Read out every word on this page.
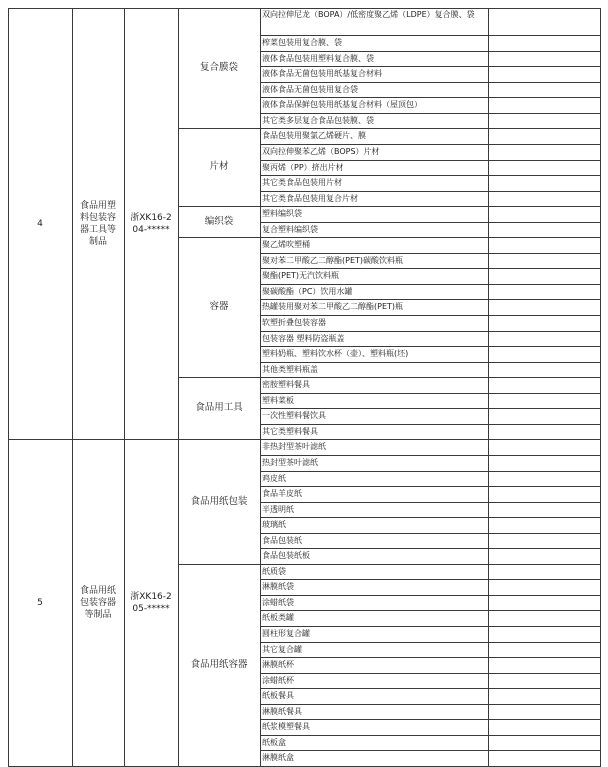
双向拉伸尼龙（BOPA）/低密度聚乙烯（LDPE）复合膜、袋
榨菜包装用复合膜、袋
液体食品包装用塑料复合膜、袋
液体食品无菌包装用纸基复合材料
液体食品无菌包装用复合袋
液体食品保鲜包装用纸基复合材料（屋顶包）
其它类多层复合食品包装膜、袋
复合膜袋
食品包装用聚氯乙烯硬片、膜
双向拉伸聚苯乙烯（BOPS）片材
聚丙烯（PP）挤出片材
其它类食品包装用片材
其它类食品包装用复合片材
片材
塑料编织袋
复合塑料编织袋
编织袋
聚乙烯吹塑桶
聚对苯二甲酸乙二醇酯(PET)碳酸饮料瓶
聚酯(PET)无汽饮料瓶
聚碳酸酯（PC）饮用水罐
热罐装用聚对苯二甲酸乙二醇酯(PET)瓶
软塑折叠包装容器
包装容器 塑料防盗瓶盖
塑料奶瓶、塑料饮水杯（壶）、塑料瓶(坯)
其他类塑料瓶盖
容器
密胺塑料餐具
塑料菜板
一次性塑料餐饮具
其它类塑料餐具
食品用工具
4
食品用塑料包装容器工具等制品
浙XK16-204-*****
非热封型茶叶滤纸
热封型茶叶滤纸
鸡皮纸
食品羊皮纸
半透明纸
玻璃纸
食品包装纸
食品包装纸板
食品用纸包装
纸质袋
淋膜纸袋
涂蜡纸袋
纸板类罐
圆柱形复合罐
其它复合罐
淋膜纸杯
涂蜡纸杯
纸板餐具
淋膜纸餐具
纸浆模塑餐具
纸板盒
淋膜纸盒
食品用纸容器
5
食品用纸包装容器等制品
浙XK16-205-*****
